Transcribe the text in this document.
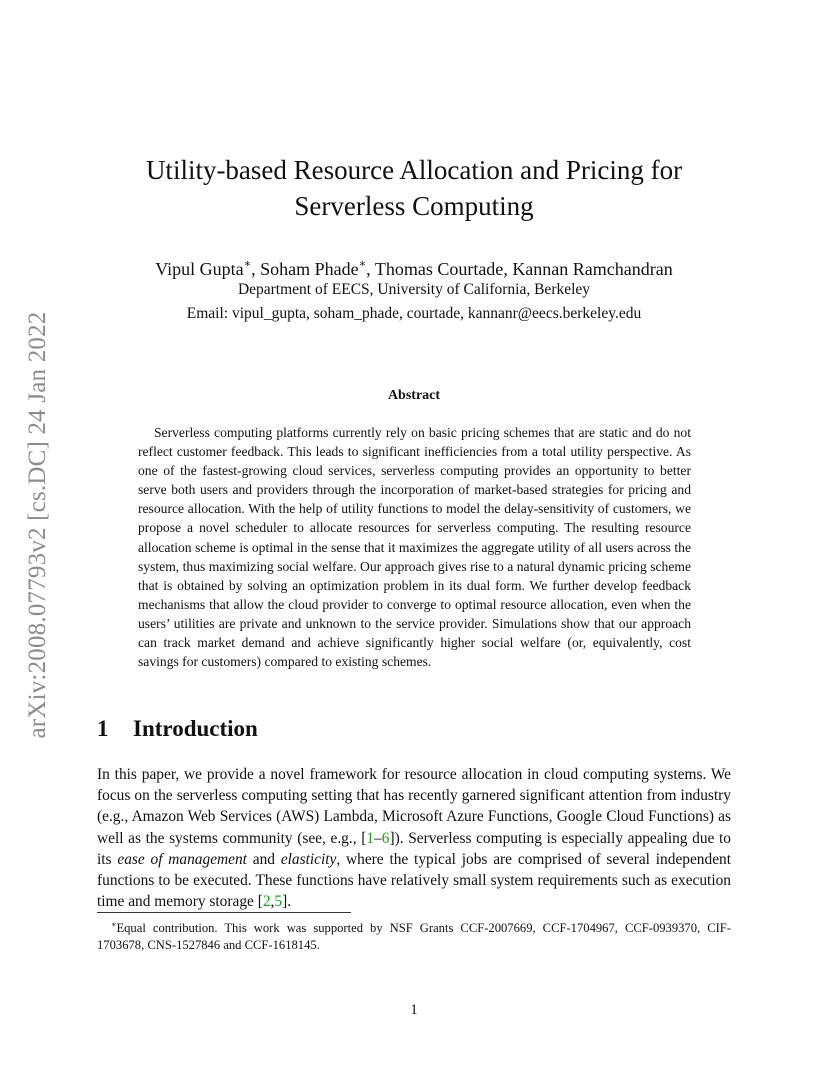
arXiv:2008.07793v2 [cs.DC] 24 Jan 2022
Utility-based Resource Allocation and Pricing for
Serverless Computing
Vipul Gupta∗, Soham Phade∗, Thomas Courtade, Kannan Ramchandran
Department of EECS, University of California, Berkeley
Email: vipul_gupta, soham_phade, courtade, kannanr@eecs.berkeley.edu
Abstract

Serverless computing platforms currently rely on basic pricing schemes that are static and do not reflect customer feedback. This leads to significant inefficiencies from a total utility perspective. As one of the fastest-growing cloud services, serverless computing provides an opportunity to better serve both users and providers through the incorporation of market-based strategies for pricing and resource allocation. With the help of utility functions to model the delay-sensitivity of customers, we propose a novel scheduler to allocate resources for serverless computing. The resulting resource allocation scheme is optimal in the sense that it maximizes the aggregate utility of all users across the system, thus maximizing social welfare. Our approach gives rise to a natural dynamic pricing scheme that is obtained by solving an optimization problem in its dual form. We further develop feedback mechanisms that allow the cloud provider to converge to optimal resource allocation, even when the users’ utilities are private and unknown to the service provider. Simulations show that our approach can track market demand and achieve significantly higher social welfare (or, equivalently, cost savings for customers) compared to existing schemes.

1 Introduction

In this paper, we provide a novel framework for resource allocation in cloud computing systems. We focus on the serverless computing setting that has recently garnered significant attention from industry (e.g., Amazon Web Services (AWS) Lambda, Microsoft Azure Functions, Google Cloud Functions) as well as the systems community (see, e.g., [1–6]). Serverless computing is especially appealing due to its ease of management and elasticity, where the typical jobs are comprised of several independent functions to be executed. These functions have relatively small system requirements such as execution time and memory storage [2,5].

∗Equal contribution. This work was supported by NSF Grants CCF-2007669, CCF-1704967, CCF-0939370, CIF-1703678, CNS-1527846 and CCF-1618145.

1
